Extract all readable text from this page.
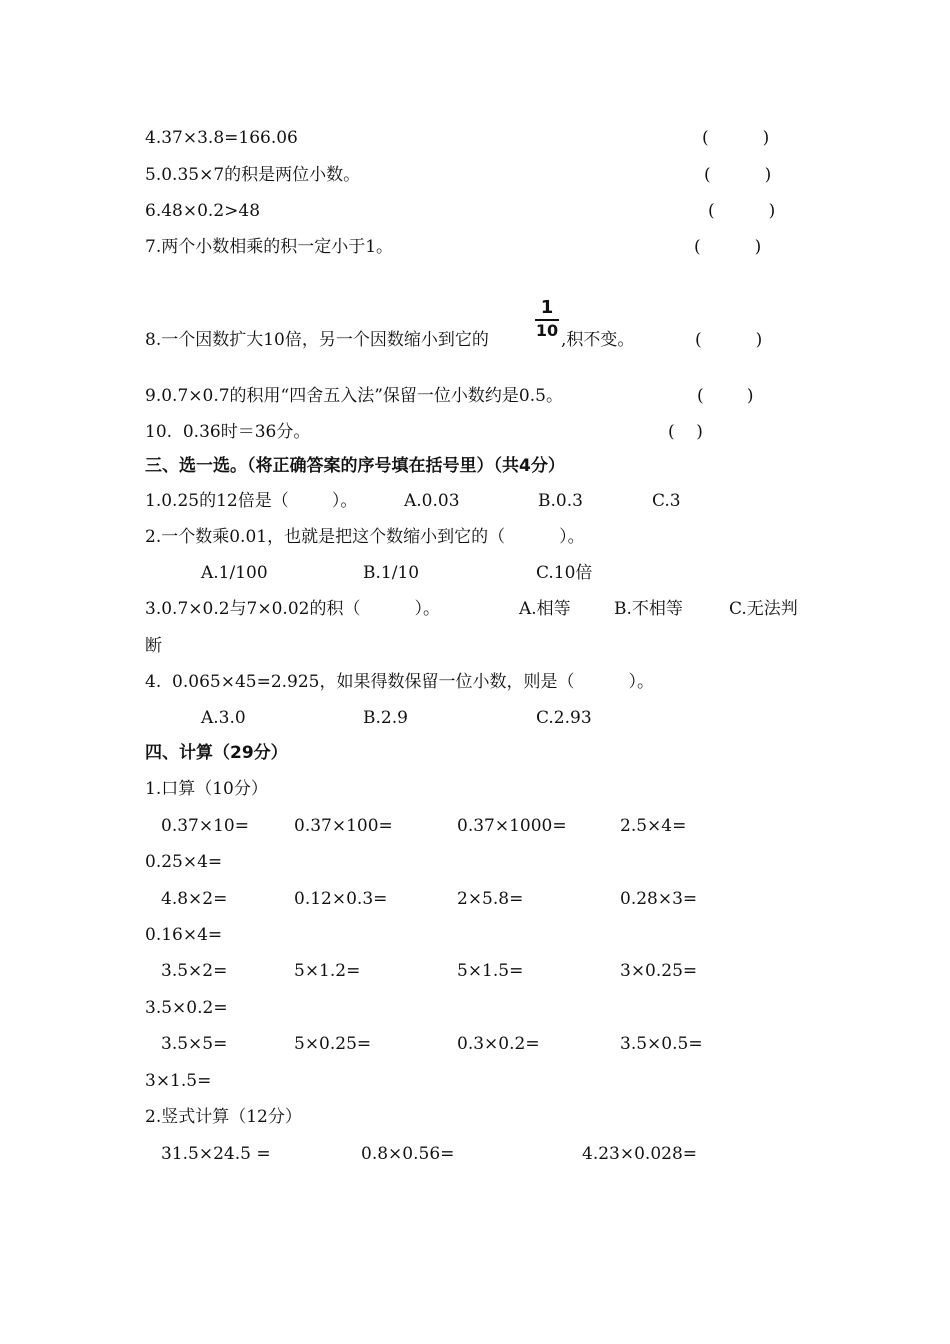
4.37×3.8=166.06	(          )
5.0.35×7的积是两位小数。	(          )
6.48×0.2>48	(          )
7.两个小数相乘的积一定小于1。	(          )
8.一个因数扩大10倍，另一个因数缩小到它的
1
10 ,积不变。	(          )
9.0.7×0.7的积用“四舍五入法”保留一位小数约是0.5。	(        )
10.  0.36时＝36分。	(    )
三、选一选。（将正确答案的序号填在括号里）（共4分）
1.0.25的12倍是（        ）。	A.0.03	B.0.3	C.3
2.一个数乘0.01，也就是把这个数缩小到它的（          ）。
A.1/100	B.1/10	C.10倍
3.0.7×0.2与7×0.02的积（          ）。	A.相等	B.不相等	C.无法判
断
4.  0.065×45=2.925，如果得数保留一位小数，则是（          ）。
A.3.0	B.2.9	C.2.93
四、计算（29分）
1.口算（10分）
0.37×10=	0.37×100=	0.37×1000=	2.5×4=
0.25×4=
4.8×2=	0.12×0.3=	2×5.8=	0.28×3=
0.16×4=
3.5×2=	5×1.2=	5×1.5=	3×0.25=
3.5×0.2=
3.5×5=	5×0.25=	0.3×0.2=	3.5×0.5=
3×1.5=
2.竖式计算（12分）
31.5×24.5 =	0.8×0.56=	4.23×0.028=
